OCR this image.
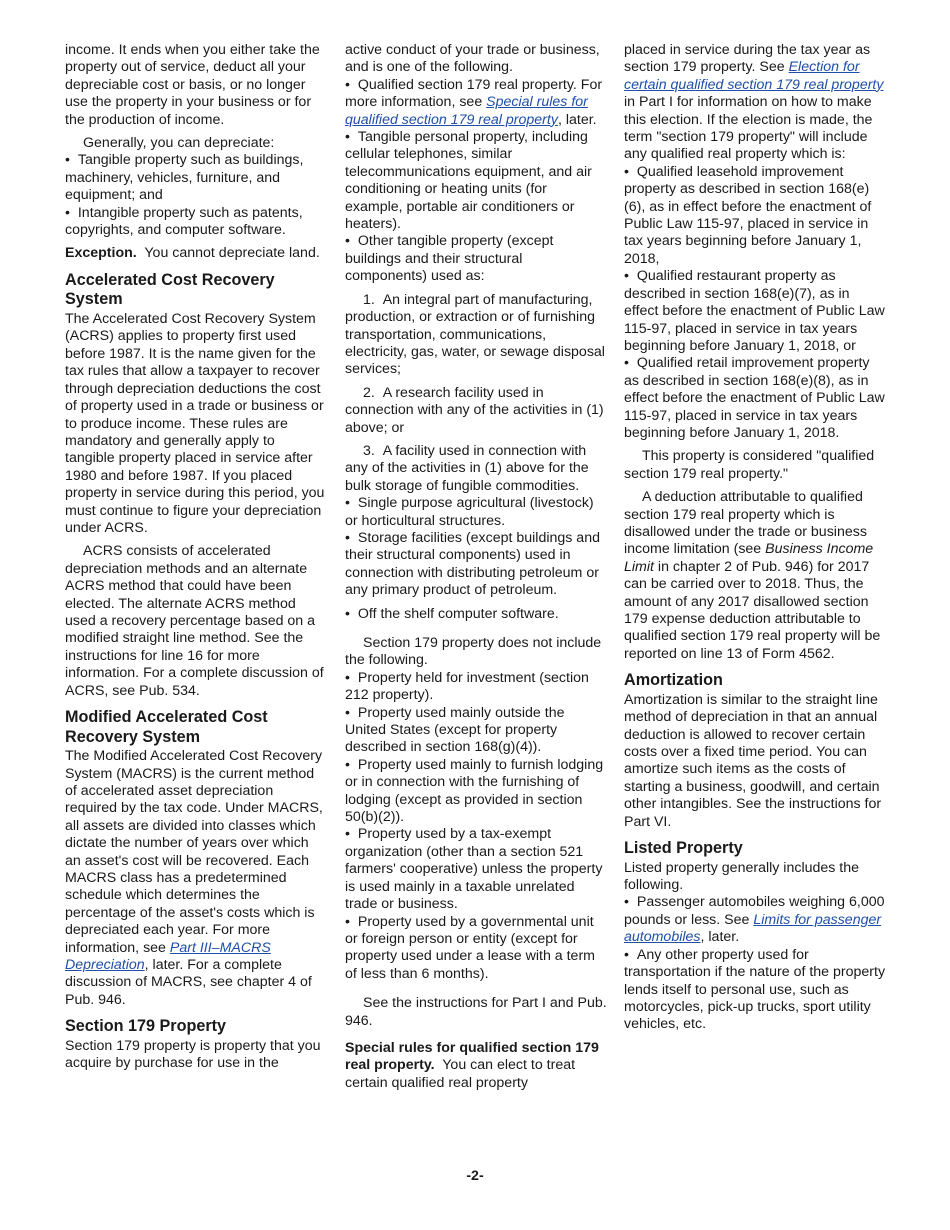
income. It ends when you either take the property out of service, deduct all your depreciable cost or basis, or no longer use the property in your business or for the production of income.

Generally, you can depreciate:

•  Tangible property such as buildings, machinery, vehicles, furniture, and equipment; and

•  Intangible property such as patents, copyrights, and computer software.

Exception. You cannot depreciate land.

Accelerated Cost Recovery System

The Accelerated Cost Recovery System (ACRS) applies to property first used before 1987. It is the name given for the tax rules that allow a taxpayer to recover through depreciation deductions the cost of property used in a trade or business or to produce income. These rules are mandatory and generally apply to tangible property placed in service after 1980 and before 1987. If you placed property in service during this period, you must continue to figure your depreciation under ACRS.

ACRS consists of accelerated depreciation methods and an alternate ACRS method that could have been elected. The alternate ACRS method used a recovery percentage based on a modified straight line method. See the instructions for line 16 for more information. For a complete discussion of ACRS, see Pub. 534.

Modified Accelerated Cost Recovery System

The Modified Accelerated Cost Recovery System (MACRS) is the current method of accelerated asset depreciation required by the tax code. Under MACRS, all assets are divided into classes which dictate the number of years over which an asset's cost will be recovered. Each MACRS class has a predetermined schedule which determines the percentage of the asset's costs which is depreciated each year. For more information, see Part III–MACRS Depreciation, later. For a complete discussion of MACRS, see chapter 4 of Pub. 946.

Section 179 Property

Section 179 property is property that you acquire by purchase for use in the

active conduct of your trade or business, and is one of the following.

•  Qualified section 179 real property. For more information, see Special rules for qualified section 179 real property, later.

•  Tangible personal property, including cellular telephones, similar telecommunications equipment, and air conditioning or heating units (for example, portable air conditioners or heaters).

•  Other tangible property (except buildings and their structural components) used as:

1.  An integral part of manufacturing, production, or extraction or of furnishing transportation, communications, electricity, gas, water, or sewage disposal services;

2.  A research facility used in connection with any of the activities in (1) above; or

3.  A facility used in connection with any of the activities in (1) above for the bulk storage of fungible commodities.

•  Single purpose agricultural (livestock) or horticultural structures.

•  Storage facilities (except buildings and their structural components) used in connection with distributing petroleum or any primary product of petroleum.

•  Off the shelf computer software.

Section 179 property does not include the following.

•  Property held for investment (section 212 property).

•  Property used mainly outside the United States (except for property described in section 168(g)(4)).

•  Property used mainly to furnish lodging or in connection with the furnishing of lodging (except as provided in section 50(b)(2)).

•  Property used by a tax-exempt organization (other than a section 521 farmers' cooperative) unless the property is used mainly in a taxable unrelated trade or business.

•  Property used by a governmental unit or foreign person or entity (except for property used under a lease with a term of less than 6 months).

See the instructions for Part I and Pub. 946.

Special rules for qualified section 179 real property. You can elect to treat certain qualified real property

placed in service during the tax year as section 179 property. See Election for certain qualified section 179 real property in Part I for information on how to make this election. If the election is made, the term "section 179 property" will include any qualified real property which is:

•  Qualified leasehold improvement property as described in section 168(e)(6), as in effect before the enactment of Public Law 115-97, placed in service in tax years beginning before January 1, 2018,

•  Qualified restaurant property as described in section 168(e)(7), as in effect before the enactment of Public Law 115-97, placed in service in tax years beginning before January 1, 2018, or

•  Qualified retail improvement property as described in section 168(e)(8), as in effect before the enactment of Public Law 115-97, placed in service in tax years beginning before January 1, 2018.

This property is considered "qualified section 179 real property."

A deduction attributable to qualified section 179 real property which is disallowed under the trade or business income limitation (see Business Income Limit in chapter 2 of Pub. 946) for 2017 can be carried over to 2018. Thus, the amount of any 2017 disallowed section 179 expense deduction attributable to qualified section 179 real property will be reported on line 13 of Form 4562.

Amortization

Amortization is similar to the straight line method of depreciation in that an annual deduction is allowed to recover certain costs over a fixed time period. You can amortize such items as the costs of starting a business, goodwill, and certain other intangibles. See the instructions for Part VI.

Listed Property

Listed property generally includes the following.

•  Passenger automobiles weighing 6,000 pounds or less. See Limits for passenger automobiles, later.

•  Any other property used for transportation if the nature of the property lends itself to personal use, such as motorcycles, pick-up trucks, sport utility vehicles, etc.

-2-
